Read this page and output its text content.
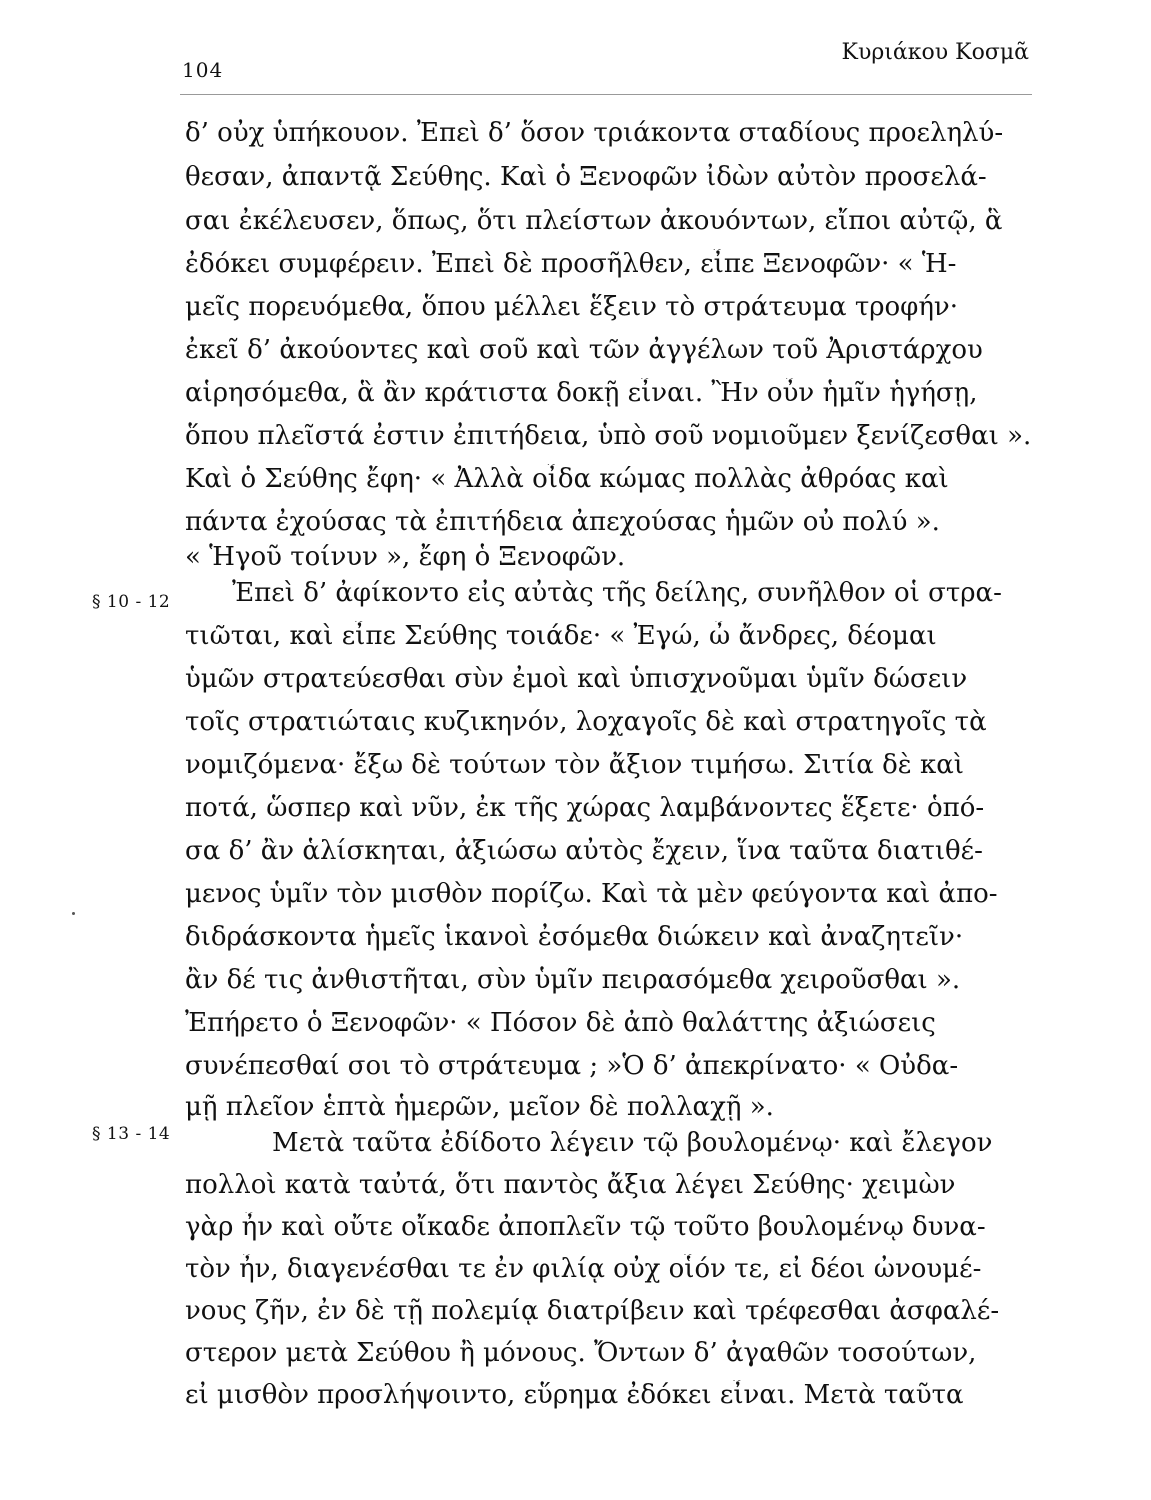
104
Κυριάκου Κοσμᾶ
§ 10 - 12
§ 13 - 14
δ’ οὐχ ὑπήκουον. Ἐπεὶ δ’ ὅσον τριάκοντα σταδίους προεληλύ-
θεσαν, ἀπαντᾷ Σεύθης. Καὶ ὁ Ξενοφῶν ἰδὼν αὐτὸν προσελά-
σαι ἐκέλευσεν, ὅπως, ὅτι πλείστων ἀκουόντων, εἴποι αὐτῷ, ἃ
ἐδόκει συμφέρειν. Ἐπεὶ δὲ προσῆλθεν, εἶπε Ξενοφῶν· « Ἡ-
μεῖς πορευόμεθα, ὅπου μέλλει ἕξειν τὸ στράτευμα τροφήν·
ἐκεῖ δ’ ἀκούοντες καὶ σοῦ καὶ τῶν ἀγγέλων τοῦ Ἀριστάρχου
αἱρησόμεθα, ἃ ἂν κράτιστα δοκῇ εἶναι. Ἢν οὖν ἡμῖν ἡγήσῃ,
ὅπου πλεῖστά ἐστιν ἐπιτήδεια, ὑπὸ σοῦ νομιοῦμεν ξενίζεσθαι ».
Καὶ ὁ Σεύθης ἔφη· « Ἀλλὰ οἶδα κώμας πολλὰς ἀθρόας καὶ
πάντα ἐχούσας τὰ ἐπιτήδεια ἀπεχούσας ἡμῶν οὐ πολύ ».
« Ἡγοῦ τοίνυν », ἔφη ὁ Ξενοφῶν.
Ἐπεὶ δ’ ἀφίκοντο εἰς αὐτὰς τῆς δείλης, συνῆλθον οἱ στρα-
τιῶται, καὶ εἶπε Σεύθης τοιάδε· « Ἐγώ, ὦ ἄνδρες, δέομαι
ὑμῶν στρατεύεσθαι σὺν ἐμοὶ καὶ ὑπισχνοῦμαι ὑμῖν δώσειν
τοῖς στρατιώταις κυζικηνόν, λοχαγοῖς δὲ καὶ στρατηγοῖς τὰ
νομιζόμενα· ἔξω δὲ τούτων τὸν ἄξιον τιμήσω. Σιτία δὲ καὶ
ποτά, ὥσπερ καὶ νῦν, ἐκ τῆς χώρας λαμβάνοντες ἕξετε· ὁπό-
σα δ’ ἂν ἁλίσκηται, ἀξιώσω αὐτὸς ἔχειν, ἵνα ταῦτα διατιθέ-
μενος ὑμῖν τὸν μισθὸν πορίζω. Καὶ τὰ μὲν φεύγοντα καὶ ἀπο-
διδράσκοντα ἡμεῖς ἱκανοὶ ἐσόμεθα διώκειν καὶ ἀναζητεῖν·
ἂν δέ τις ἀνθιστῆται, σὺν ὑμῖν πειρασόμεθα χειροῦσθαι ».
Ἐπήρετο ὁ Ξενοφῶν· « Πόσον δὲ ἀπὸ θαλάττης ἀξιώσεις
συνέπεσθαί σοι τὸ στράτευμα ; »Ὁ δ’ ἀπεκρίνατο· « Οὐδα-
μῇ πλεῖον ἑπτὰ ἡμερῶν, μεῖον δὲ πολλαχῇ ».
Μετὰ ταῦτα ἐδίδοτο λέγειν τῷ βουλομένῳ· καὶ ἔλεγον
πολλοὶ κατὰ ταὐτά, ὅτι παντὸς ἄξια λέγει Σεύθης· χειμὼν
γὰρ ἦν καὶ οὔτε οἴκαδε ἀποπλεῖν τῷ τοῦτο βουλομένῳ δυνα-
τὸν ἦν, διαγενέσθαι τε ἐν φιλίᾳ οὐχ οἷόν τε, εἰ δέοι ὠνουμέ-
νους ζῆν, ἐν δὲ τῇ πολεμίᾳ διατρίβειν καὶ τρέφεσθαι ἀσφαλέ-
στερον μετὰ Σεύθου ἢ μόνους. Ὄντων δ’ ἀγαθῶν τοσούτων,
εἰ μισθὸν προσλήψοιντο, εὕρημα ἐδόκει εἶναι. Μετὰ ταῦτα
